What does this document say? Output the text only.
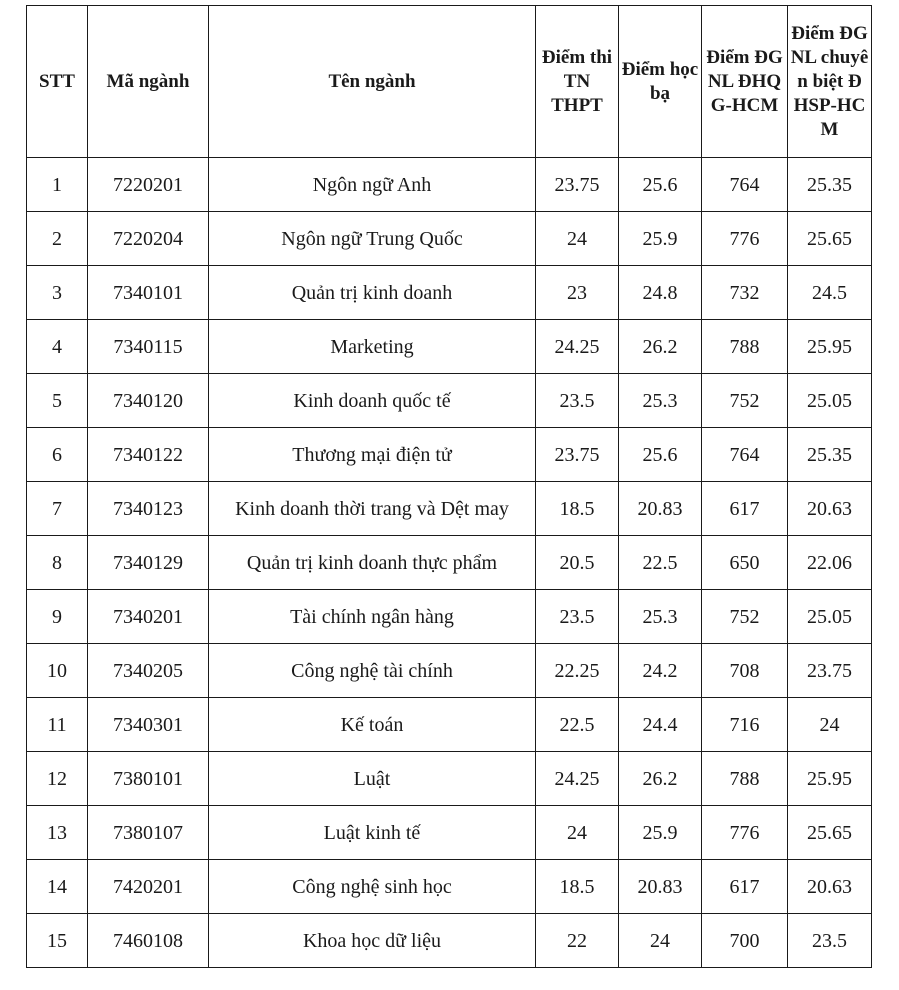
STT	Mã ngành	Tên ngành	Điểm thi TN THPT	Điểm học bạ	Điểm ĐGNL ĐHQG-HCM	Điểm ĐGNL chuyên biệt ĐHSP-HCM
1	7220201	Ngôn ngữ Anh	23.75	25.6	764	25.35
2	7220204	Ngôn ngữ Trung Quốc	24	25.9	776	25.65
3	7340101	Quản trị kinh doanh	23	24.8	732	24.5
4	7340115	Marketing	24.25	26.2	788	25.95
5	7340120	Kinh doanh quốc tế	23.5	25.3	752	25.05
6	7340122	Thương mại điện tử	23.75	25.6	764	25.35
7	7340123	Kinh doanh thời trang và Dệt may	18.5	20.83	617	20.63
8	7340129	Quản trị kinh doanh thực phẩm	20.5	22.5	650	22.06
9	7340201	Tài chính ngân hàng	23.5	25.3	752	25.05
10	7340205	Công nghệ tài chính	22.25	24.2	708	23.75
11	7340301	Kế toán	22.5	24.4	716	24
12	7380101	Luật	24.25	26.2	788	25.95
13	7380107	Luật kinh tế	24	25.9	776	25.65
14	7420201	Công nghệ sinh học	18.5	20.83	617	20.63
15	7460108	Khoa học dữ liệu	22	24	700	23.5
